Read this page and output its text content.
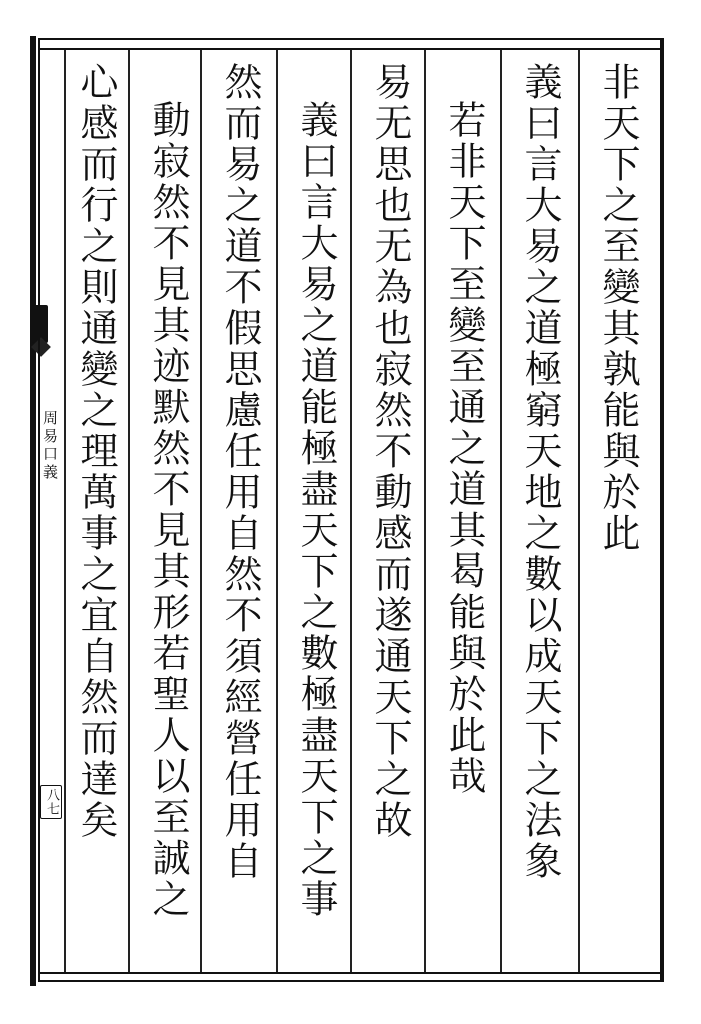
非天下之至變其孰能與於此
義曰言大易之道極窮天地之數以成天下之法象
若非天下至變至通之道其曷能與於此哉
易无思也无為也寂然不動感而遂通天下之故
義曰言大易之道能極盡天下之數極盡天下之事
然而易之道不假思慮任用自然不須經營任用自
動寂然不見其迹默然不見其形若聖人以至誠之
心感而行之則通變之理萬事之宜自然而達矣
周易口義
八七
